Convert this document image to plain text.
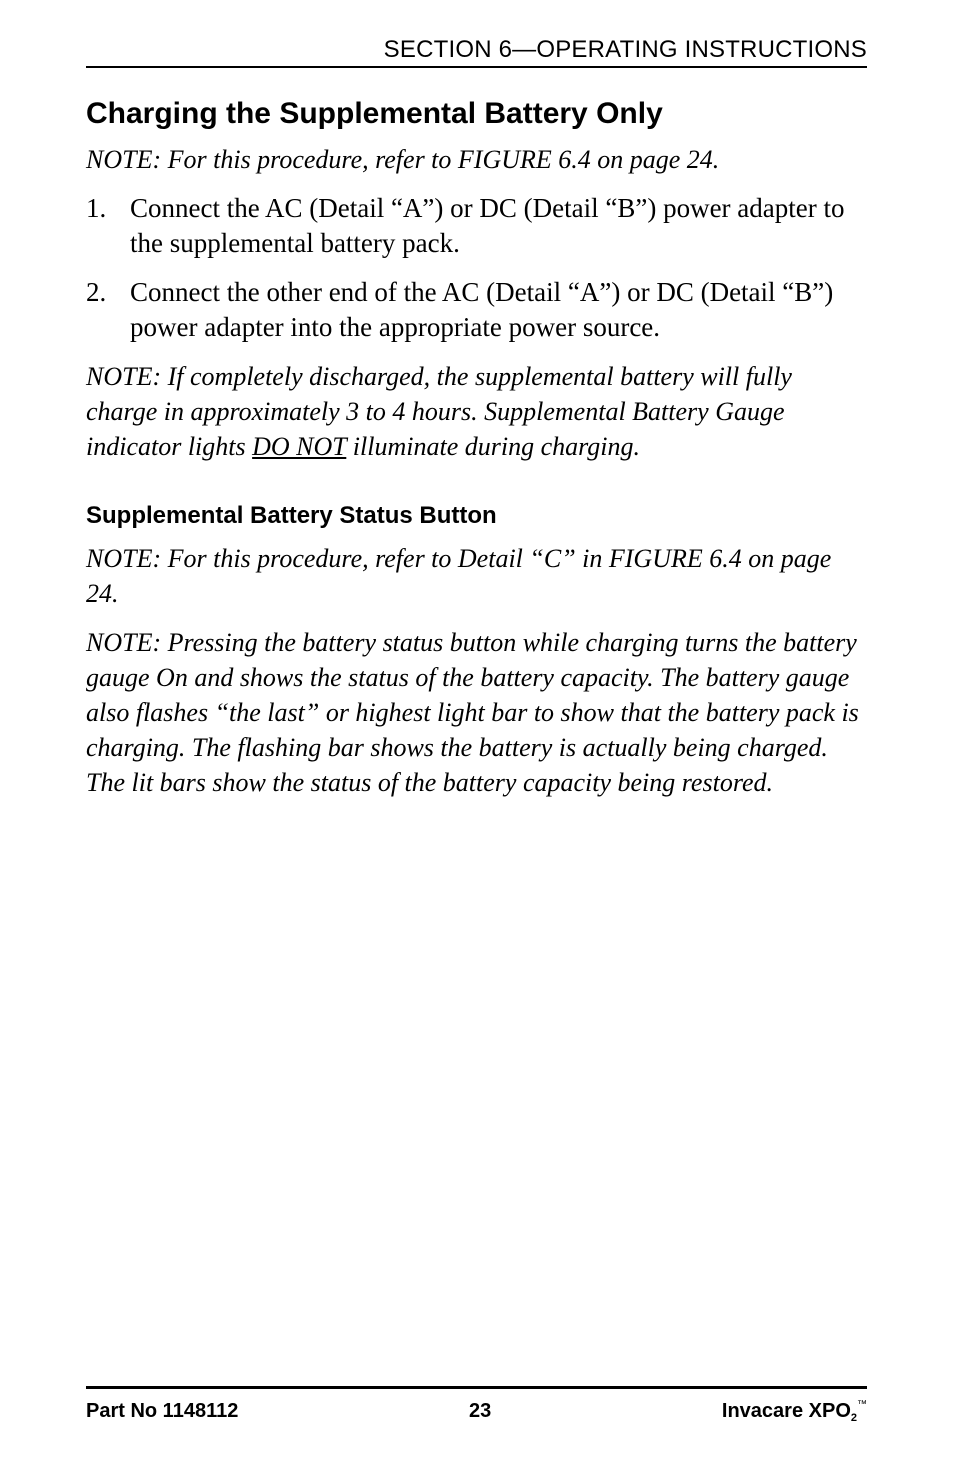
SECTION 6—OPERATING INSTRUCTIONS
Charging the Supplemental Battery Only

NOTE: For this procedure, refer to FIGURE 6.4 on page 24.

1. Connect the AC (Detail “A”) or DC (Detail “B”) power adapter to the supplemental battery pack.
2. Connect the other end of the AC (Detail “A”) or DC (Detail “B”) power adapter into the appropriate power source.

NOTE: If completely discharged, the supplemental battery will fully charge in approximately 3 to 4 hours. Supplemental Battery Gauge indicator lights DO NOT illuminate during charging.

Supplemental Battery Status Button

NOTE: For this procedure, refer to Detail “C” in FIGURE 6.4 on page 24.

NOTE: Pressing the battery status button while charging turns the battery gauge On and shows the status of the battery capacity. The battery gauge also flashes “the last” or highest light bar to show that the battery pack is charging. The flashing bar shows the battery is actually being charged. The lit bars show the status of the battery capacity being restored.

Part No 1148112	23	Invacare $XPO_2™$
